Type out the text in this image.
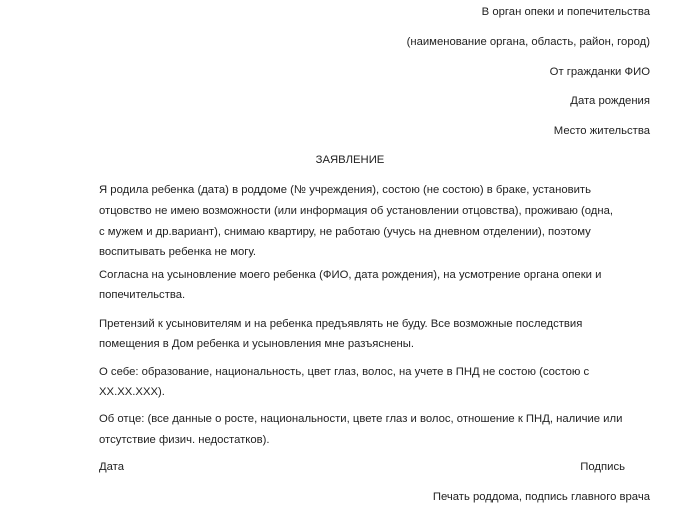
В орган опеки и попечительства
(наименование органа, область, район, город)
От гражданки ФИО
Дата рождения
Место жительства
ЗАЯВЛЕНИЕ
Я родила ребенка (дата) в роддоме (№ учреждения), состою (не состою) в браке, установить
отцовство не имею возможности (или информация об установлении отцовства), проживаю (одна,
с мужем и др.вариант), снимаю квартиру, не работаю (учусь на дневном отделении), поэтому
воспитывать ребенка не могу.
Согласна на усыновление моего ребенка (ФИО, дата рождения), на усмотрение органа опеки и
попечительства.
Претензий к усыновителям и на ребенка предъявлять не буду. Все возможные последствия
помещения в Дом ребенка и усыновления мне разъяснены.
О себе: образование, национальность, цвет глаз, волос, на учете в ПНД не состою (состою с
XX.XX.XXX).
Об отце: (все данные о росте, национальности, цвете глаз и волос, отношение к ПНД, наличие или
отсутствие физич. недостатков).
Дата	Подпись
Печать роддома, подпись главного врача
